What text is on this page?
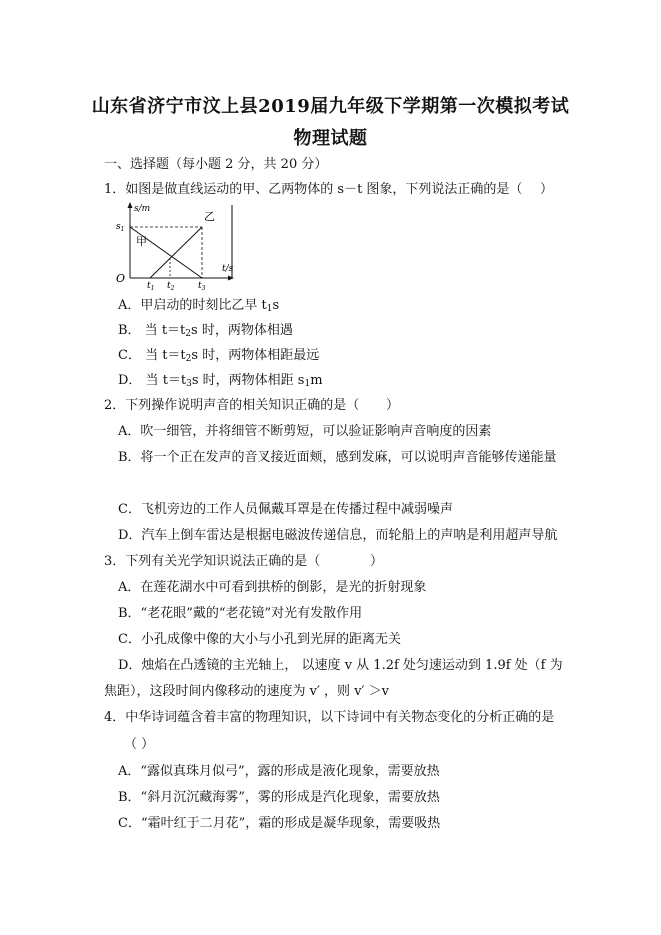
山东省济宁市汶上县2019届九年级下学期第一次模拟考试
物理试题
一、选择题（每小题 2 分，共 20 分）
1．如图是做直线运动的甲、乙两物体的 s－t 图象，下列说法正确的是（ ）
s/m
t/s
O
$s_1$
甲
乙
$t_1$ $t_2$	$t_3$
A．甲启动的时刻比乙早 $t_1s$
B． 当 $t=t_2s$ 时，两物体相遇
C． 当 $t=t_2s$ 时，两物体相距最远
D． 当 $t=t_3s$ 时，两物体相距 $s_1m$
2．下列操作说明声音的相关知识正确的是（ ）
A．吹一细管，并将细管不断剪短，可以验证影响声音响度的因素
B．将一个正在发声的音叉接近面颊，感到发麻，可以说明声音能够传递能量
C．飞机旁边的工作人员佩戴耳罩是在传播过程中减弱噪声
D．汽车上倒车雷达是根据电磁波传递信息，而轮船上的声呐是利用超声导航
3．下列有关光学知识说法正确的是（	）
A．在莲花湖水中可看到拱桥的倒影，是光的折射现象
B．“老花眼”戴的“老花镜”对光有发散作用
C．小孔成像中像的大小与小孔到光屏的距离无关
D．烛焰在凸透镜的主光轴上， 以速度 v 从 1.2f 处匀速运动到 1.9f 处（f 为
焦距），这段时间内像移动的速度为 v′ ，则 v′ ＞v
4．中华诗词蕴含着丰富的物理知识，以下诗词中有关物态变化的分析正确的是
（ ）
A．“露似真珠月似弓”，露的形成是液化现象，需要放热
B．“斜月沉沉藏海雾”，雾的形成是汽化现象，需要放热
C．“霜叶红于二月花”，霜的形成是凝华现象，需要吸热
